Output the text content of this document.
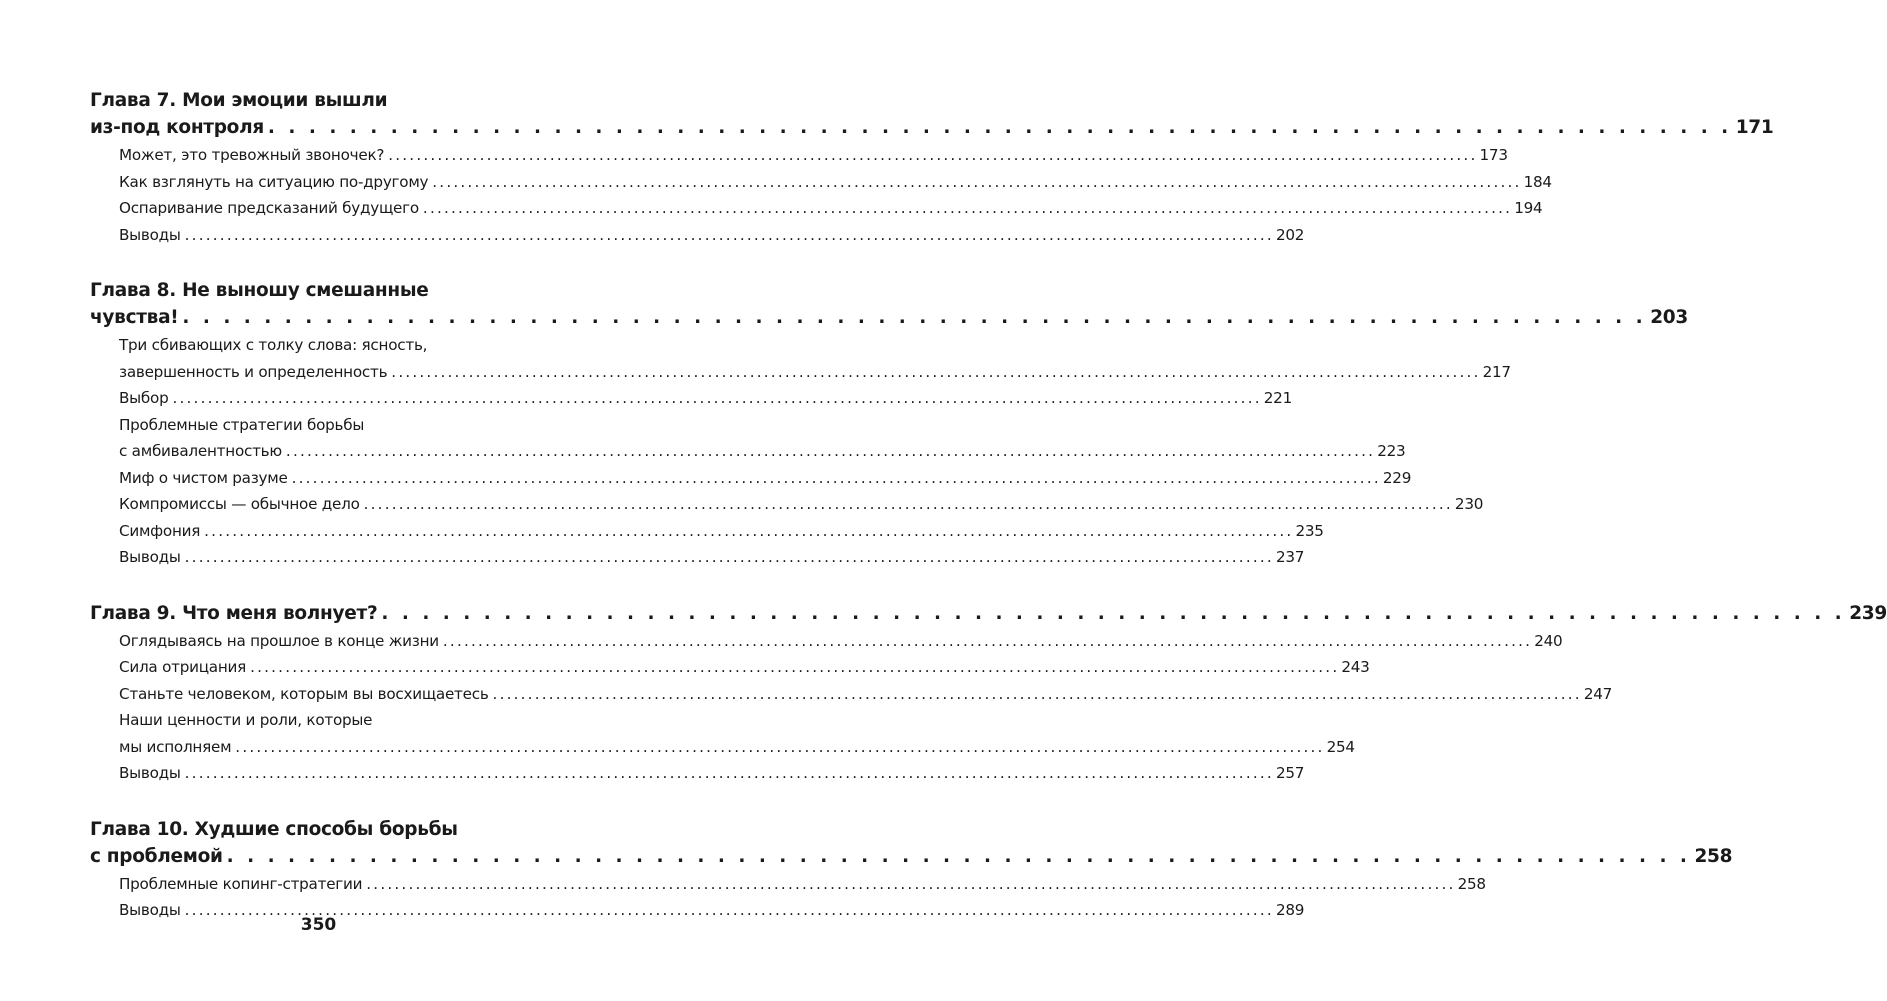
Глава 7. Мои эмоции вышли
из-под контроля . . . . . . . . . . . . . . . . . . . . . . . . . . . . . . . . . . . . . . . . . . . . . . . . . . . . . . . . . . . . . . . . . . . . . . . . 171
Может, это тревожный звоночек? ........................................................................................................................................................... 173
Как взглянуть на ситуацию по-другому ........................................................................................................................................................... 184
Оспаривание предсказаний будущего ........................................................................................................................................................... 194
Выводы ........................................................................................................................................................... 202
Глава 8. Не выношу смешанные
чувства! . . . . . . . . . . . . . . . . . . . . . . . . . . . . . . . . . . . . . . . . . . . . . . . . . . . . . . . . . . . . . . . . . . . . . . . . 203
Три сбивающих с толку слова: ясность,
завершенность и определенность ........................................................................................................................................................... 217
Выбор ........................................................................................................................................................... 221
Проблемные стратегии борьбы
с амбивалентностью ........................................................................................................................................................... 223
Миф о чистом разуме ........................................................................................................................................................... 229
Компромиссы — обычное дело ........................................................................................................................................................... 230
Симфония ........................................................................................................................................................... 235
Выводы ........................................................................................................................................................... 237
Глава 9. Что меня волнует? . . . . . . . . . . . . . . . . . . . . . . . . . . . . . . . . . . . . . . . . . . . . . . . . . . . . . . . . . . . . . . . . . . . . . . . . 239
Оглядываясь на прошлое в конце жизни ........................................................................................................................................................... 240
Сила отрицания ........................................................................................................................................................... 243
Станьте человеком, которым вы восхищаетесь ........................................................................................................................................................... 247
Наши ценности и роли, которые
мы исполняем ........................................................................................................................................................... 254
Выводы ........................................................................................................................................................... 257
Глава 10. Худшие способы борьбы
с проблемой . . . . . . . . . . . . . . . . . . . . . . . . . . . . . . . . . . . . . . . . . . . . . . . . . . . . . . . . . . . . . . . . . . . . . . . . 258
Проблемные копинг-стратегии ........................................................................................................................................................... 258
Выводы ........................................................................................................................................................... 289
350
